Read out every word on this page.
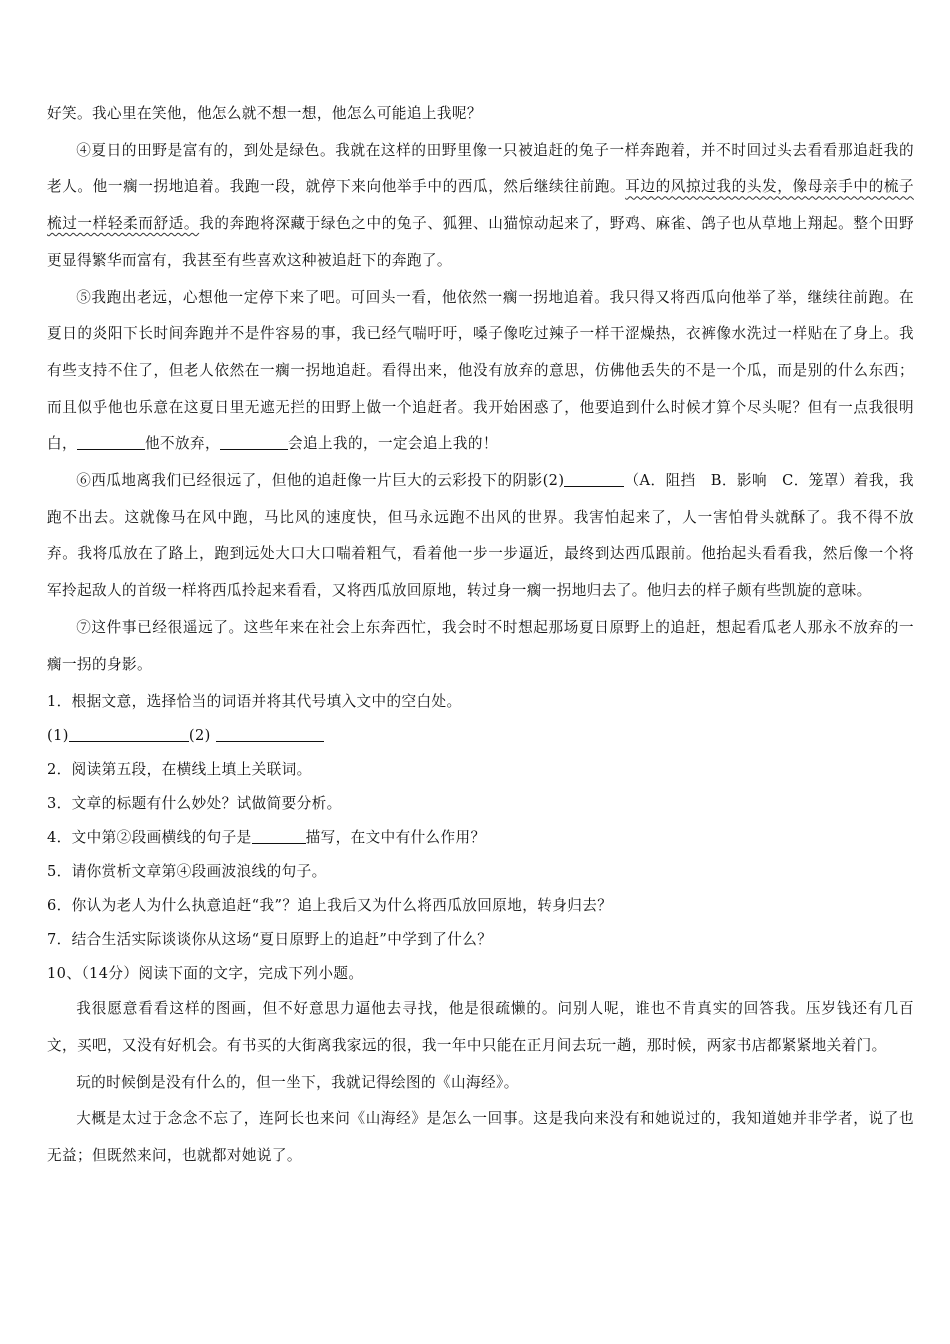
好笑。我心里在笑他，他怎么就不想一想，他怎么可能追上我呢？

④夏日的田野是富有的，到处是绿色。我就在这样的田野里像一只被追赶的兔子一样奔跑着，并不时回过头去看看那追赶我的老人。他一瘸一拐地追着。我跑一段，就停下来向他举手中的西瓜，然后继续往前跑。耳边的风掠过我的头发，像母亲手中的梳子梳过一样轻柔而舒适。我的奔跑将深藏于绿色之中的兔子、狐狸、山猫惊动起来了，野鸡、麻雀、鸽子也从草地上翔起。整个田野更显得繁华而富有，我甚至有些喜欢这种被追赶下的奔跑了。

⑤我跑出老远，心想他一定停下来了吧。可回头一看，他依然一瘸一拐地追着。我只得又将西瓜向他举了举，继续往前跑。在夏日的炎阳下长时间奔跑并不是件容易的事，我已经气喘吁吁，嗓子像吃过辣子一样干涩燥热，衣裤像水洗过一样贴在了身上。我有些支持不住了，但老人依然在一瘸一拐地追赶。看得出来，他没有放弃的意思，仿佛他丢失的不是一个瓜，而是别的什么东西；而且似乎他也乐意在这夏日里无遮无拦的田野上做一个追赶者。我开始困惑了，他要追到什么时候才算个尽头呢？但有一点我很明白，	他不放弃，	会追上我的，一定会追上我的！

⑥西瓜地离我们已经很远了，但他的追赶像一片巨大的云彩投下的阴影(2)	（A．阻挡　B．影响　C．笼罩）着我，我跑不出去。这就像马在风中跑，马比风的速度快，但马永远跑不出风的世界。我害怕起来了，人一害怕骨头就酥了。我不得不放弃。我将瓜放在了路上，跑到远处大口大口喘着粗气，看着他一步一步逼近，最终到达西瓜跟前。他抬起头看看我，然后像一个将军拎起敌人的首级一样将西瓜拎起来看看，又将西瓜放回原地，转过身一瘸一拐地归去了。他归去的样子颇有些凯旋的意味。

⑦这件事已经很遥远了。这些年来在社会上东奔西忙，我会时不时想起那场夏日原野上的追赶，想起看瓜老人那永不放弃的一瘸一拐的身影。

1．根据文意，选择恰当的词语并将其代号填入文中的空白处。

(1)	(2)

2．阅读第五段，在横线上填上关联词。

3．文章的标题有什么妙处？试做简要分析。

4．文中第②段画横线的句子是	描写，在文中有什么作用？

5．请你赏析文章第④段画波浪线的句子。

6．你认为老人为什么执意追赶“我”？追上我后又为什么将西瓜放回原地，转身归去？

7．结合生活实际谈谈你从这场“夏日原野上的追赶”中学到了什么？

10、（14分）阅读下面的文字，完成下列小题。

我很愿意看看这样的图画，但不好意思力逼他去寻找，他是很疏懒的。问别人呢，谁也不肯真实的回答我。压岁钱还有几百文，买吧，又没有好机会。有书买的大街离我家远的很，我一年中只能在正月间去玩一趟，那时候，两家书店都紧紧地关着门。

玩的时候倒是没有什么的，但一坐下，我就记得绘图的《山海经》。

大概是太过于念念不忘了，连阿长也来问《山海经》是怎么一回事。这是我向来没有和她说过的，我知道她并非学者，说了也无益；但既然来问，也就都对她说了。
